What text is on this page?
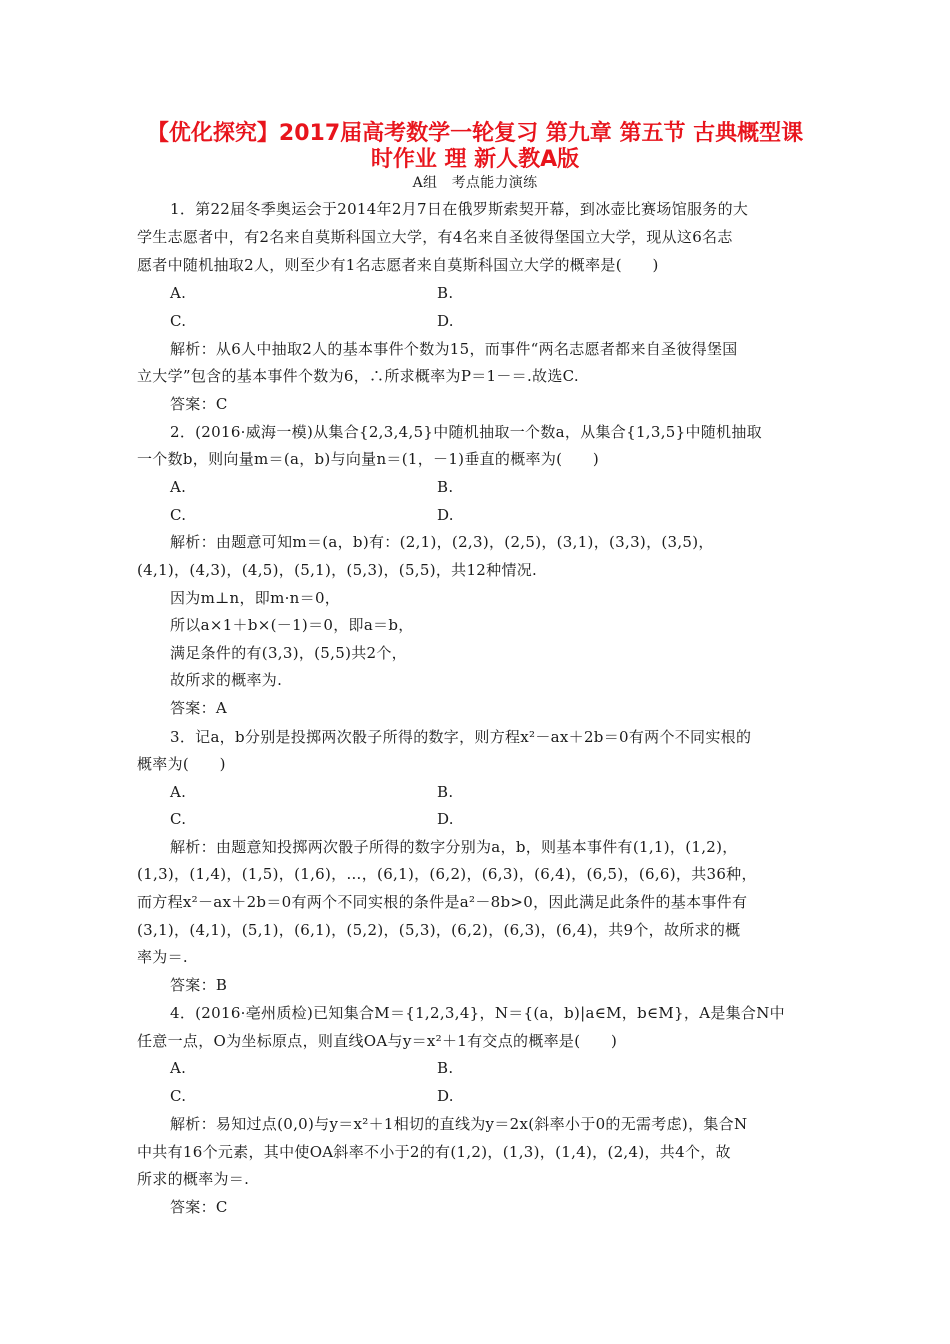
【优化探究】2017届高考数学一轮复习 第九章 第五节 古典概型课
时作业 理 新人教A版
A组　考点能力演练
1．第22届冬季奥运会于2014年2月7日在俄罗斯索契开幕，到冰壶比赛场馆服务的大
学生志愿者中，有2名来自莫斯科国立大学，有4名来自圣彼得堡国立大学，现从这6名志
愿者中随机抽取2人，则至少有1名志愿者来自莫斯科国立大学的概率是(　　)
A.	B.
C.	D.
解析：从6人中抽取2人的基本事件个数为15，而事件“两名志愿者都来自圣彼得堡国
立大学”包含的基本事件个数为6，∴所求概率为P＝1－＝.故选C.
答案：C
2．(2016·威海一模)从集合{2,3,4,5}中随机抽取一个数a，从集合{1,3,5}中随机抽取
一个数b，则向量m＝(a，b)与向量n＝(1，－1)垂直的概率为(　　)
A.	B.
C.	D.
解析：由题意可知m＝(a，b)有：(2,1)，(2,3)，(2,5)，(3,1)，(3,3)，(3,5)，
(4,1)，(4,3)，(4,5)，(5,1)，(5,3)，(5,5)，共12种情况.
因为m⊥n，即m·n＝0，
所以a×1＋b×(－1)＝0，即a＝b，
满足条件的有(3,3)，(5,5)共2个，
故所求的概率为.
答案：A
3．记a，b分别是投掷两次骰子所得的数字，则方程x²－ax＋2b＝0有两个不同实根的
概率为(　　)
A.	B.
C.	D.
解析：由题意知投掷两次骰子所得的数字分别为a，b，则基本事件有(1,1)，(1,2)，
(1,3)，(1,4)，(1,5)，(1,6)，…，(6,1)，(6,2)，(6,3)，(6,4)，(6,5)，(6,6)，共36种，
而方程x²－ax＋2b＝0有两个不同实根的条件是a²－8b>0，因此满足此条件的基本事件有
(3,1)，(4,1)，(5,1)，(6,1)，(5,2)，(5,3)，(6,2)，(6,3)，(6,4)，共9个，故所求的概
率为＝.
答案：B
4．(2016·亳州质检)已知集合M＝{1,2,3,4}，N＝{(a，b)|a∈M，b∈M}，A是集合N中
任意一点，O为坐标原点，则直线OA与y＝x²＋1有交点的概率是(　　)
A.	B.
C.	D.
解析：易知过点(0,0)与y＝x²＋1相切的直线为y＝2x(斜率小于0的无需考虑)，集合N
中共有16个元素，其中使OA斜率不小于2的有(1,2)，(1,3)，(1,4)，(2,4)，共4个，故
所求的概率为＝.
答案：C
